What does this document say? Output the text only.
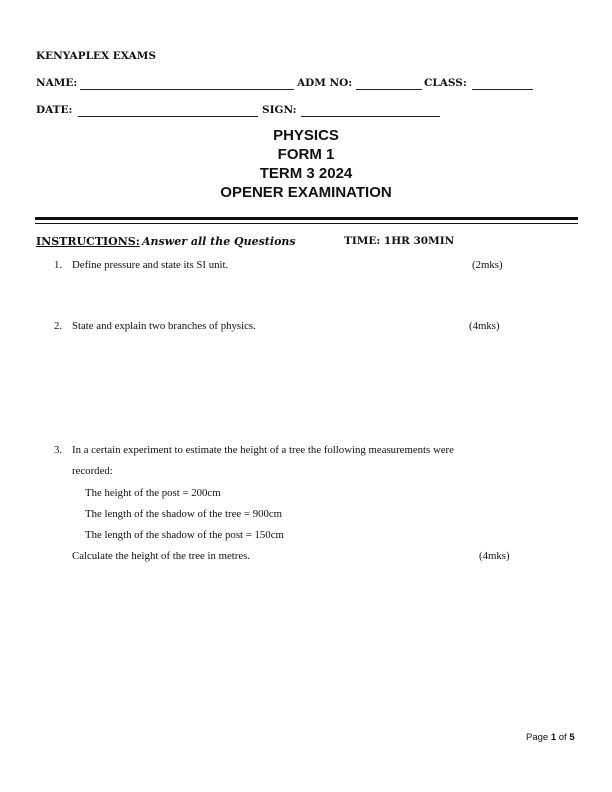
KENYAPLEX EXAMS
NAME:	ADM NO:	CLASS:
DATE:	SIGN:
PHYSICS
FORM 1
TERM 3 2024
OPENER EXAMINATION
INSTRUCTIONS: Answer all the Questions	TIME: 1HR 30MIN
1. Define pressure and state its SI unit.	(2mks)
2. State and explain two branches of physics.	(4mks)
3. In a certain experiment to estimate the height of a tree the following measurements were
recorded:
The height of the post = 200cm
The length of the shadow of the tree = 900cm
The length of the shadow of the post = 150cm
Calculate the height of the tree in metres.	(4mks)
Page 1 of 5
